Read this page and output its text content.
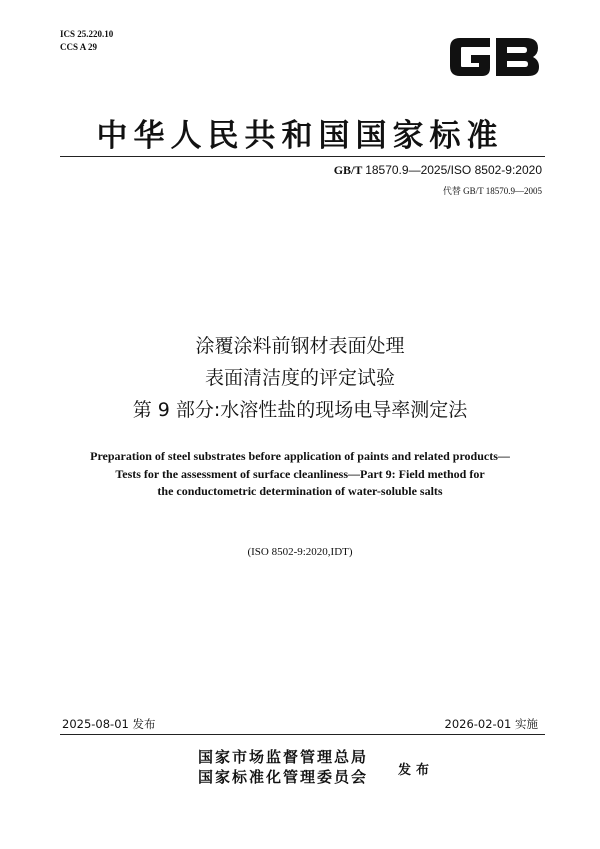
ICS 25.220.10
CCS A 29
中华人民共和国国家标准
GB/T 18570.9—2025/ISO 8502-9:2020
代替 GB/T 18570.9—2005
涂覆涂料前钢材表面处理
表面清洁度的评定试验
第 9 部分:水溶性盐的现场电导率测定法
Preparation of steel substrates before application of paints and related products—
Tests for the assessment of surface cleanliness—Part 9: Field method for
the conductometric determination of water-soluble salts
(ISO 8502-9:2020,IDT)
2025-08-01 发布	2026-02-01 实施
国家市场监督管理总局
国家标准化管理委员会 发布
